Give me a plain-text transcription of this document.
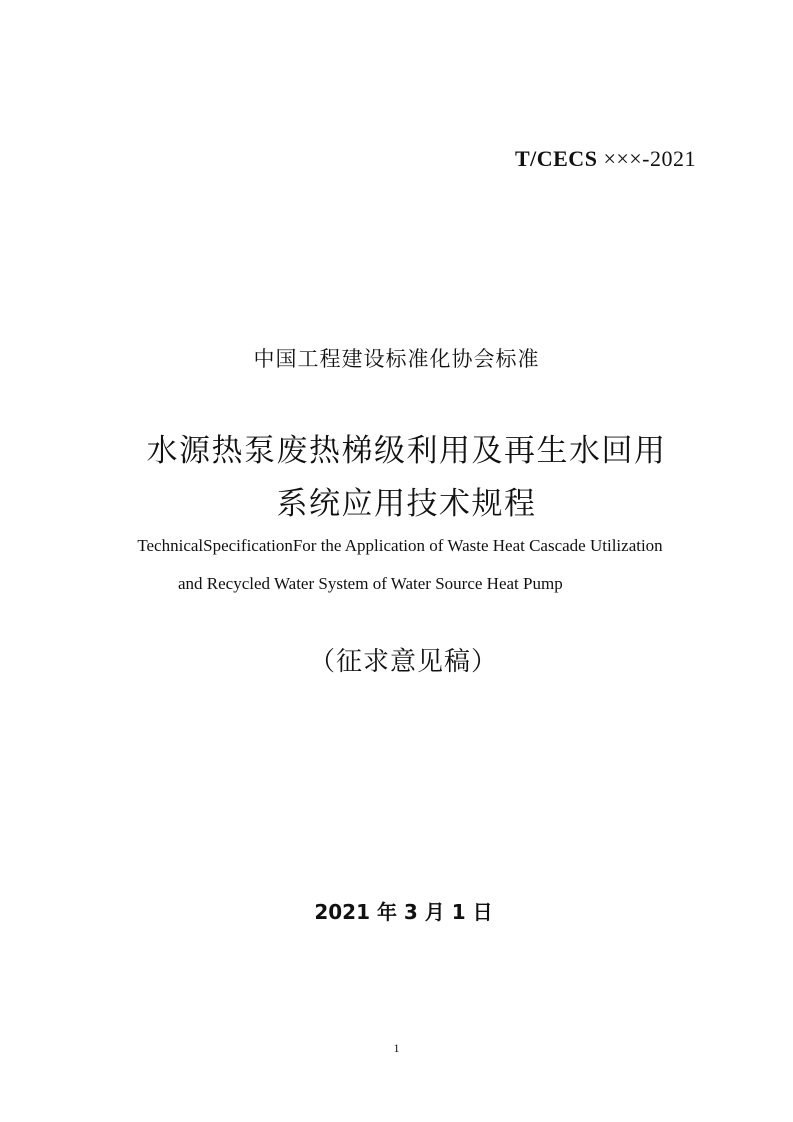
T/CECS ×××-2021
中国工程建设标准化协会标准
水源热泵废热梯级利用及再生水回用
系统应用技术规程
TechnicalSpecificationFor the Application of Waste Heat Cascade Utilization
and Recycled Water System of Water Source Heat Pump
（征求意见稿）
2021 年 3 月 1 日
1
